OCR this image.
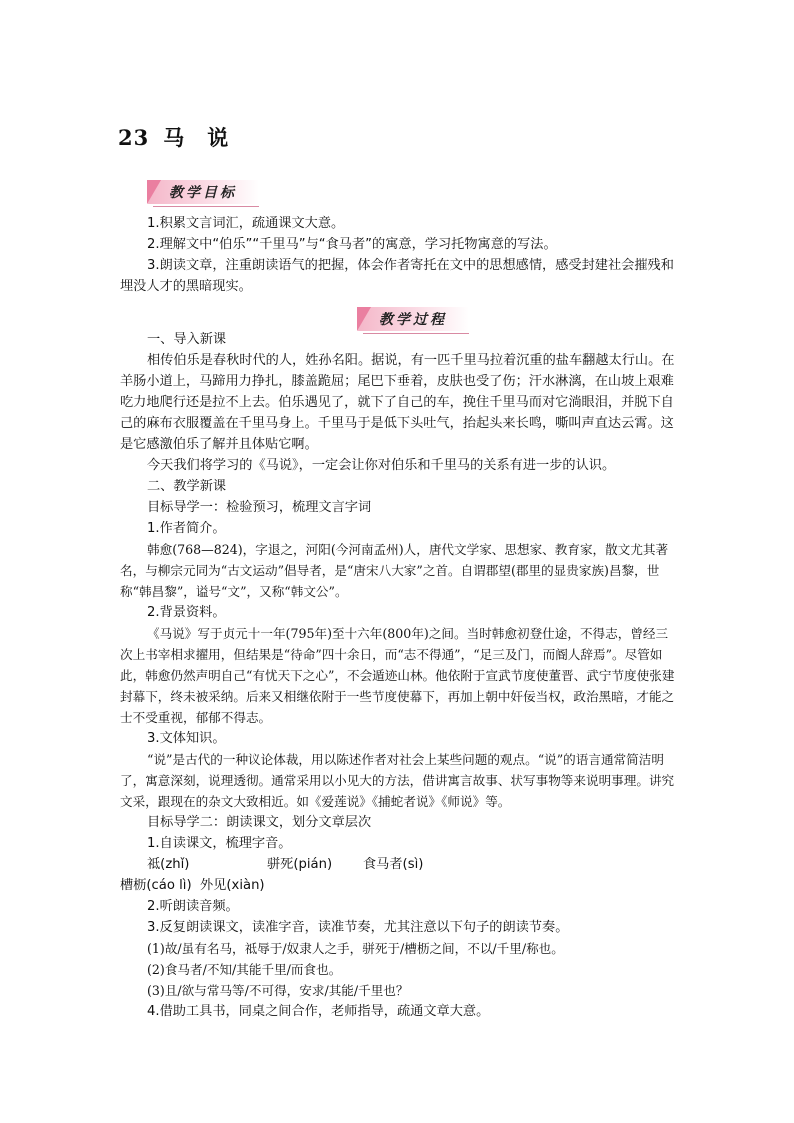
23 马 说
教学目标
教学过程

1.积累文言词汇，疏通课文大意。

2.理解文中“伯乐”“千里马”与“食马者”的寓意，学习托物寓意的写法。

3.朗读文章，注重朗读语气的把握，体会作者寄托在文中的思想感情，感受封建社会摧残和埋没人才的黑暗现实。

一、导入新课

相传伯乐是春秋时代的人，姓孙名阳。据说，有一匹千里马拉着沉重的盐车翻越太行山。在羊肠小道上，马蹄用力挣扎，膝盖跪屈；尾巴下垂着，皮肤也受了伤；汗水淋漓，在山坡上艰难吃力地爬行还是拉不上去。伯乐遇见了，就下了自己的车，挽住千里马而对它淌眼泪，并脱下自己的麻布衣服覆盖在千里马身上。千里马于是低下头吐气，抬起头来长鸣，嘶叫声直达云霄。这是它感激伯乐了解并且体贴它啊。

今天我们将学习的《马说》，一定会让你对伯乐和千里马的关系有进一步的认识。

二、教学新课

目标导学一：检验预习，梳理文言字词

1.作者简介。

韩愈(768—824)，字退之，河阳(今河南孟州)人，唐代文学家、思想家、教育家，散文尤其著名，与柳宗元同为“古文运动”倡导者，是“唐宋八大家”之首。自谓郡望(郡里的显贵家族)昌黎，世称“韩昌黎”，谥号“文”，又称“韩文公”。

2.背景资料。

《马说》写于贞元十一年(795年)至十六年(800年)之间。当时韩愈初登仕途，不得志，曾经三次上书宰相求擢用，但结果是“待命”四十余日，而“志不得通”，“足三及门，而阍人辞焉”。尽管如此，韩愈仍然声明自己“有忧天下之心”，不会遁迹山林。他依附于宣武节度使董晋、武宁节度使张建封幕下，终未被采纳。后来又相继依附于一些节度使幕下，再加上朝中奸佞当权，政治黑暗，才能之士不受重视，郁郁不得志。

3.文体知识。

“说”是古代的一种议论体裁，用以陈述作者对社会上某些问题的观点。“说”的语言通常简洁明了，寓意深刻，说理透彻。通常采用以小见大的方法，借讲寓言故事、状写事物等来说明事理。讲究文采，跟现在的杂文大致相近。如《爱莲说》《捕蛇者说》《师说》等。

目标导学二：朗读课文，划分文章层次

1.自读课文，梳理字音。

祗(zhǐ)	骈死(pián)	食马者(sì)
槽枥(cáo lì) 外见(xiàn)

2.听朗读音频。

3.反复朗读课文，读准字音，读准节奏，尤其注意以下句子的朗读节奏。

(1)故/虽有名马，祗辱于/奴隶人之手，骈死于/槽枥之间，不以/千里/称也。

(2)食马者/不知/其能千里/而食也。

(3)且/欲与常马等/不可得，安求/其能/千里也？

4.借助工具书，同桌之间合作，老师指导，疏通文章大意。
